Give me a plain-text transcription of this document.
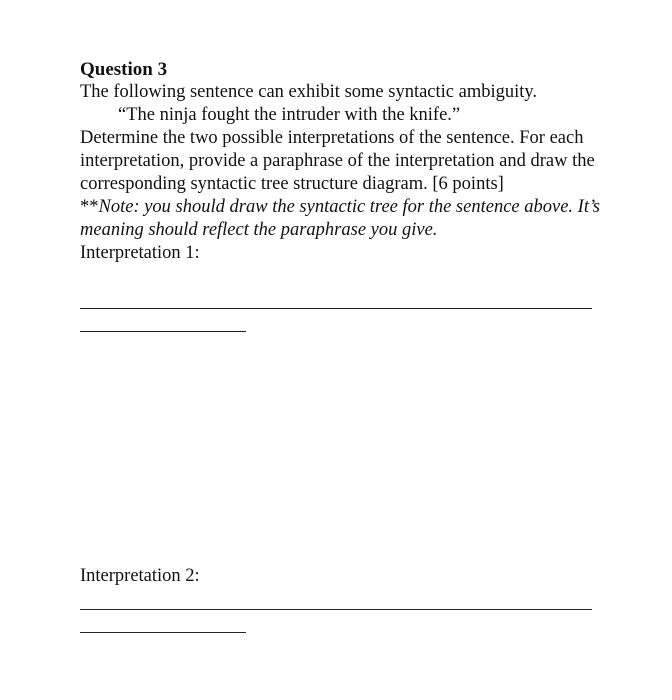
Question 3
The following sentence can exhibit some syntactic ambiguity.
“The ninja fought the intruder with the knife.”
Determine the two possible interpretations of the sentence. For each interpretation, provide a paraphrase of the interpretation and draw the corresponding syntactic tree structure diagram. [6 points]
**Note: you should draw the syntactic tree for the sentence above. It’s meaning should reflect the paraphrase you give.
Interpretation 1:
Interpretation 2:
